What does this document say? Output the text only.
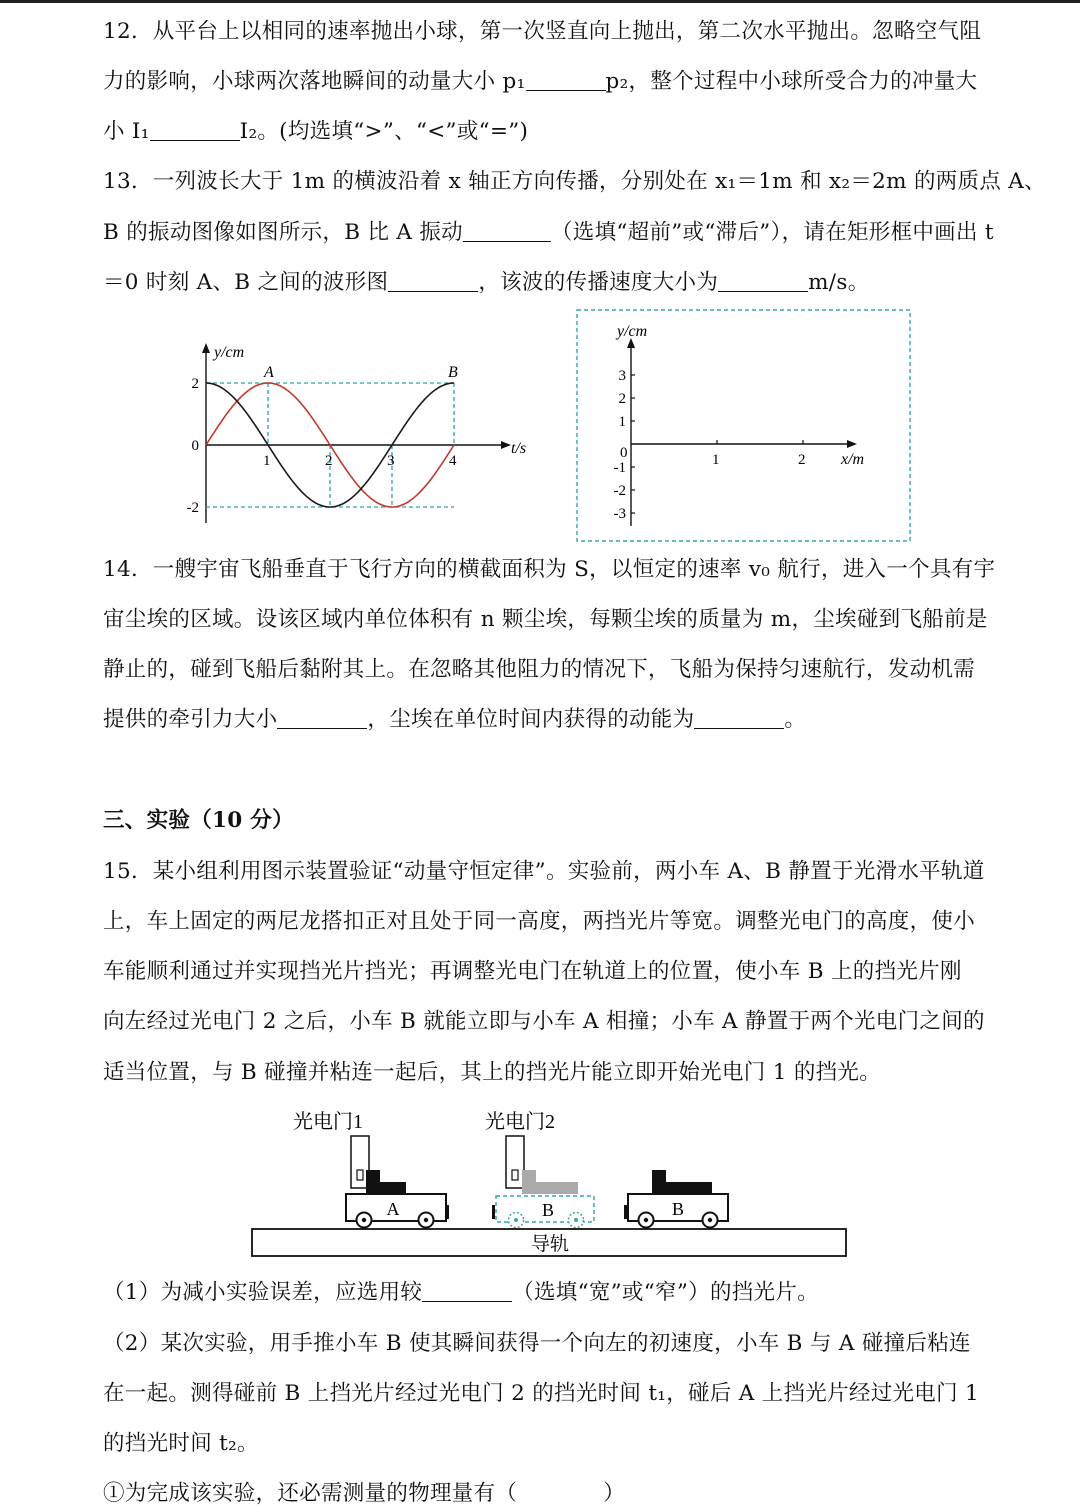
12．从平台上以相同的速率抛出小球，第一次竖直向上抛出，第二次水平抛出。忽略空气阻
力的影响，小球两次落地瞬间的动量大小 p₁	p₂，整个过程中小球所受合力的冲量大
小 I₁	I₂。(均选填“>”、“<”或“=”)
13．一列波长大于 1m 的横波沿着 x 轴正方向传播，分别处在 x₁＝1m 和 x₂＝2m 的两质点 A、
B 的振动图像如图所示，B 比 A 振动	（选填“超前”或“滞后”），请在矩形框中画出 t
＝0 时刻 A、B 之间的波形图	，该波的传播速度大小为	m/s。
y/cm
t/s
1	2	3	4
2
0
-2
A	B
y/cm
x/m
0	1	2
3
2
1
-1
-2
-3
14．一艘宇宙飞船垂直于飞行方向的横截面积为 S，以恒定的速率 v₀ 航行，进入一个具有宇
宙尘埃的区域。设该区域内单位体积有 n 颗尘埃，每颗尘埃的质量为 m，尘埃碰到飞船前是
静止的，碰到飞船后黏附其上。在忽略其他阻力的情况下，飞船为保持匀速航行，发动机需
提供的牵引力大小	，尘埃在单位时间内获得的动能为	。
三、实验（10 分）
15．某小组利用图示装置验证“动量守恒定律”。实验前，两小车 A、B 静置于光滑水平轨道
上，车上固定的两尼龙搭扣正对且处于同一高度，两挡光片等宽。调整光电门的高度，使小
车能顺利通过并实现挡光片挡光；再调整光电门在轨道上的位置，使小车 B 上的挡光片刚
向左经过光电门 2 之后，小车 B 就能立即与小车 A 相撞；小车 A 静置于两个光电门之间的
适当位置，与 B 碰撞并粘连一起后，其上的挡光片能立即开始光电门 1 的挡光。
光电门1	光电门2
A	B	B
导轨
（1）为减小实验误差，应选用较	（选填“宽”或“窄”）的挡光片。
（2）某次实验，用手推小车 B 使其瞬间获得一个向左的初速度，小车 B 与 A 碰撞后粘连
在一起。测得碰前 B 上挡光片经过光电门 2 的挡光时间 t₁，碰后 A 上挡光片经过光电门 1
的挡光时间 t₂。
①为完成该实验，还必需测量的物理量有（	）
